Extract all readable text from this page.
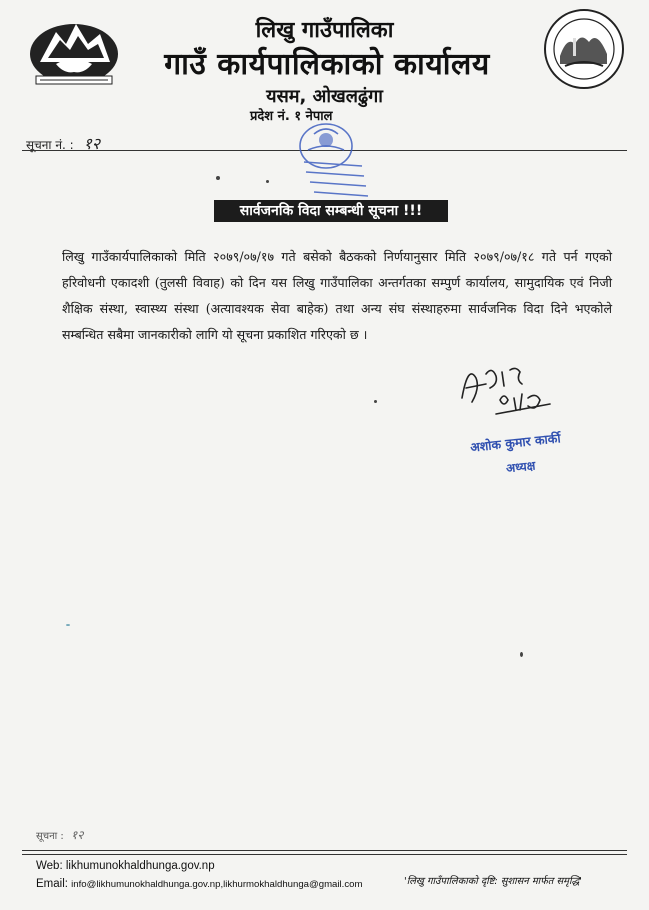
लिखु गाउँपालिका
गाउँ कार्यपालिकाको कार्यालय
यसम, ओखलढुंगा
प्रदेश नं. १ नेपाल
सूचना नं. : १२
सार्वजनकि विदा सम्बन्धी सूचना !!!
लिखु गाउँकार्यपालिकाको मिति २०७९/०७/१७ गते बसेको बैठकको निर्णयानुसार मिति २०७९/०७/१८ गते पर्न गएको हरिवोधनी एकादशी (तुलसी विवाह) को दिन यस लिखु गाउँपालिका अन्तर्गतका सम्पुर्ण कार्यालय, सामुदायिक एवं निजी शैक्षिक संस्था, स्वास्थ्य संस्था (अत्यावश्यक सेवा बाहेक) तथा अन्य संघ संस्थाहरुमा सार्वजनिक विदा दिने भएकोले सम्बन्धित सबैमा जानकारीको लागि यो सूचना प्रकाशित गरिएको छ ।
अशोक कुमार कार्की
अध्यक्ष
सूचना : १२
Web: likhumunokhaldhunga.gov.np
Email: info@likhumunokhaldhunga.gov.np,likhurmokhaldhunga@gmail.com	'लिखु गाउँपालिकाको दृष्टि: सुशासन मार्फत समृद्धि'
